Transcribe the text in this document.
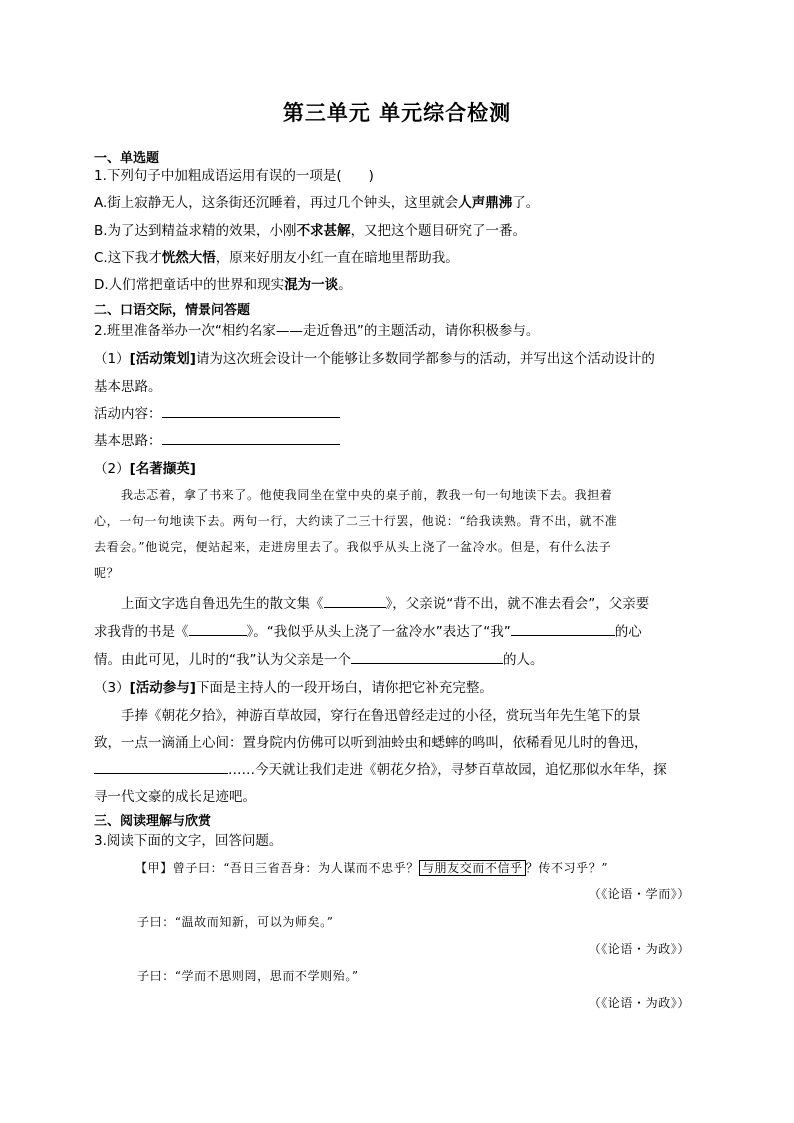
第三单元 单元综合检测
一、单选题
1.下列句子中加粗成语运用有误的一项是(　　)
A.街上寂静无人，这条街还沉睡着，再过几个钟头，这里就会人声鼎沸了。
B.为了达到精益求精的效果，小刚不求甚解，又把这个题目研究了一番。
C.这下我才恍然大悟，原来好朋友小红一直在暗地里帮助我。
D.人们常把童话中的世界和现实混为一谈。
二、口语交际，情景问答题
2.班里准备举办一次“相约名家——走近鲁迅”的主题活动，请你积极参与。
（1）[活动策划]请为这次班会设计一个能够让多数同学都参与的活动，并写出这个活动设计的
基本思路。
活动内容：
基本思路：
（2）[名著撷英]
我忐忑着，拿了书来了。他使我同坐在堂中央的桌子前，教我一句一句地读下去。我担着
心，一句一句地读下去。两句一行，大约读了二三十行罢，他说：“给我读熟。背不出，就不准
去看会。”他说完，便站起来，走进房里去了。我似乎从头上浇了一盆冷水。但是，有什么法子
呢？
上面文字选自鲁迅先生的散文集《	》，父亲说“背不出，就不准去看会”，父亲要
求我背的书是《	》。“我似乎从头上浇了一盆冷水”表达了“我”	的心
情。由此可见，儿时的“我”认为父亲是一个	的人。
（3）[活动参与]下面是主持人的一段开场白，请你把它补充完整。
手捧《朝花夕拾》，神游百草故园，穿行在鲁迅曾经走过的小径，赏玩当年先生笔下的景
致，一点一滴涌上心间：置身院内仿佛可以听到油蛉虫和蟋蟀的鸣叫，依稀看见儿时的鲁迅，
……今天就让我们走进《朝花夕拾》，寻梦百草故园，追忆那似水年华，探
寻一代文豪的成长足迹吧。
三、阅读理解与欣赏
3.阅读下面的文字，回答问题。
【甲】曾子曰：“吾日三省吾身：为人谋而不忠乎？ 与朋友交而不信乎 ？传不习乎？”
（《论语・学而》）
子曰：“温故而知新，可以为师矣。”
（《论语・为政》）
子曰：“学而不思则罔，思而不学则殆。”
（《论语・为政》）
